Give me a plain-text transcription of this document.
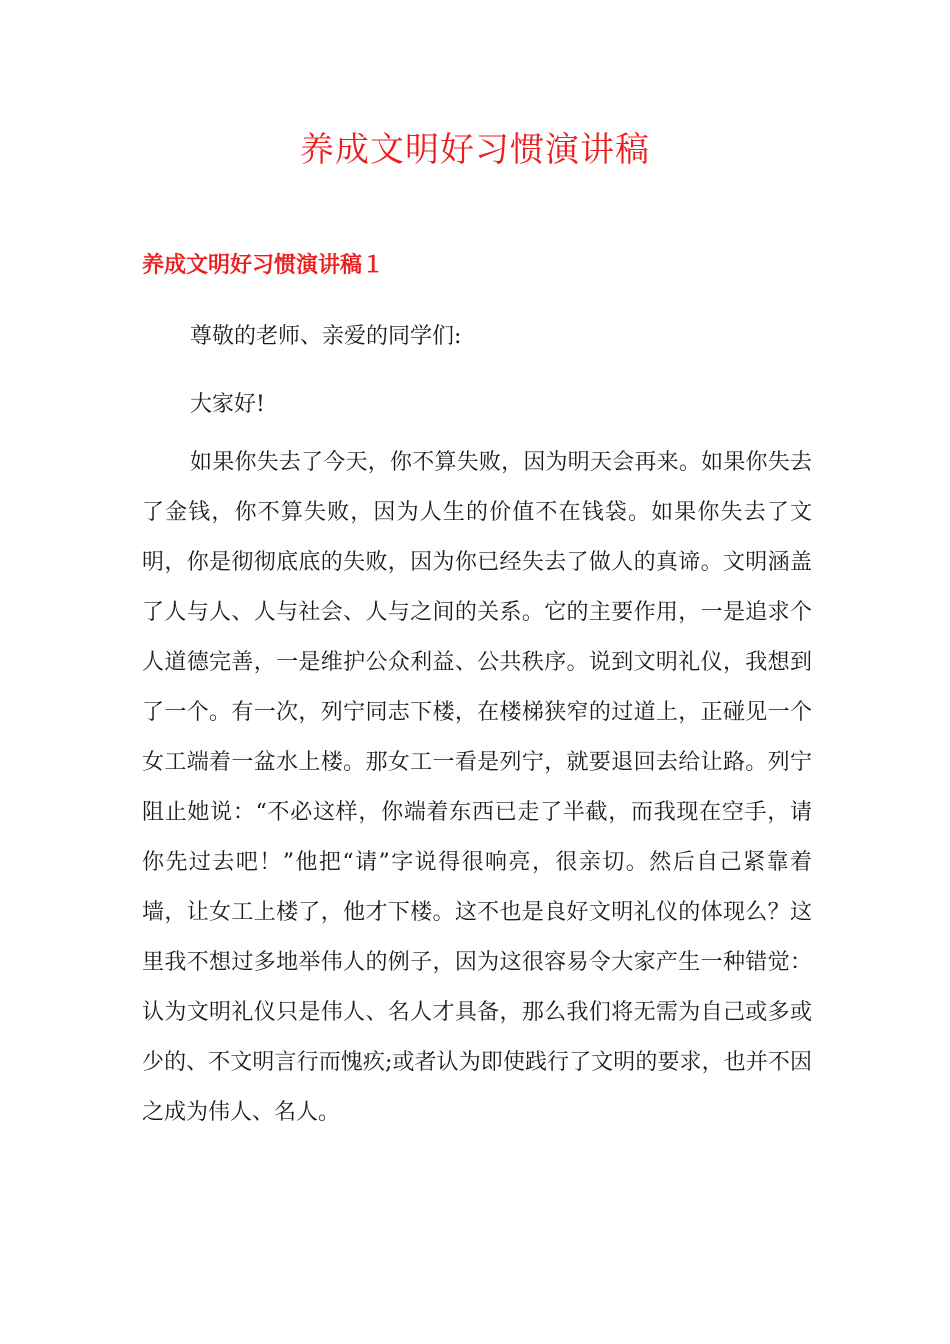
养成文明好习惯演讲稿
养成文明好习惯演讲稿１

尊敬的老师、亲爱的同学们:

大家好!

如果你失去了今天，你不算失败，因为明天会再来。如果你失去了金钱，你不算失败，因为人生的价值不在钱袋。如果你失去了文明，你是彻彻底底的失败，因为你已经失去了做人的真谛。文明涵盖了人与人、人与社会、人与之间的关系。它的主要作用，一是追求个人道德完善，一是维护公众利益、公共秩序。说到文明礼仪，我想到了一个。有一次，列宁同志下楼，在楼梯狭窄的过道上，正碰见一个女工端着一盆水上楼。那女工一看是列宁，就要退回去给让路。列宁阻止她说：“不必这样，你端着东西已走了半截，而我现在空手，请你先过去吧！”他把“请”字说得很响亮，很亲切。然后自己紧靠着墙，让女工上楼了，他才下楼。这不也是良好文明礼仪的体现么？这里我不想过多地举伟人的例子，因为这很容易令大家产生一种错觉：认为文明礼仪只是伟人、名人才具备，那么我们将无需为自己或多或少的、不文明言行而愧疚;或者认为即使践行了文明的要求，也并不因之成为伟人、名人。
